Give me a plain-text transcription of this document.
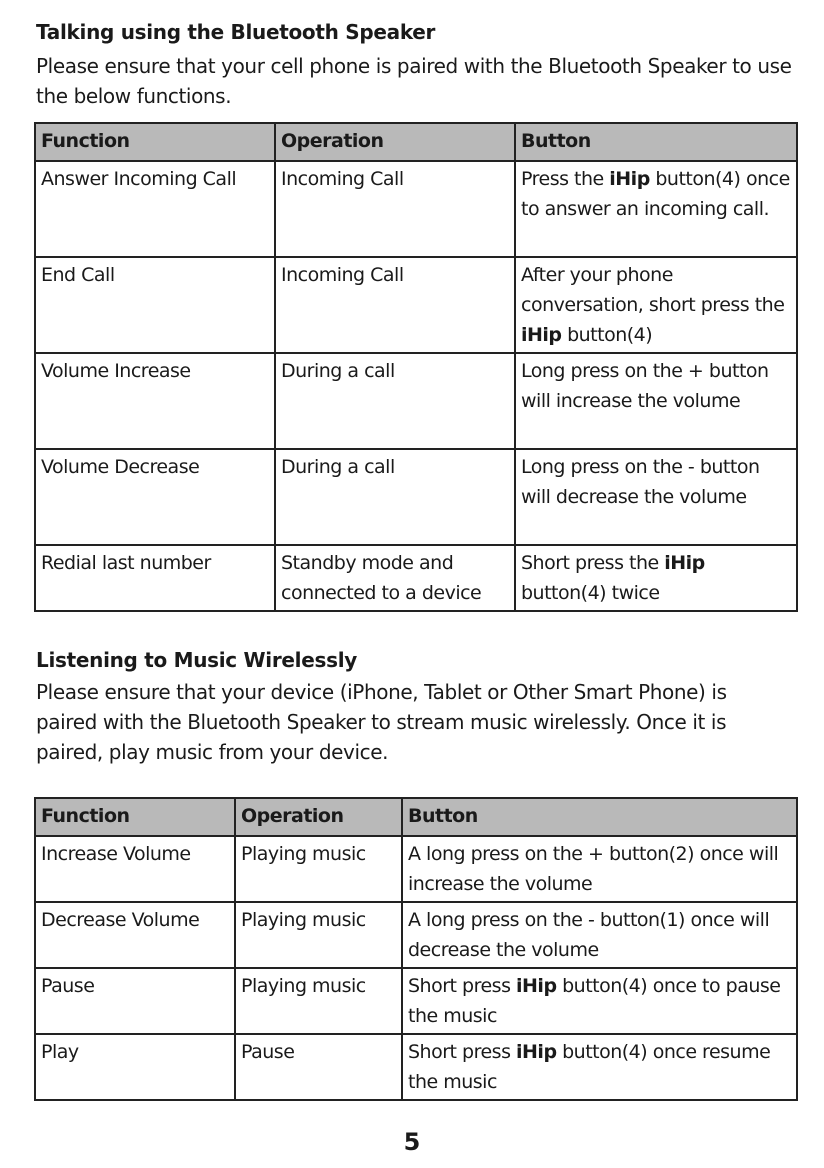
Talking using the Bluetooth Speaker
Please ensure that your cell phone is paired with the Bluetooth Speaker to use the below functions.
Function	Operation	Button
Answer Incoming Call	Incoming Call	Press the iHip button(4) once to answer an incoming call.
End Call	Incoming Call	After your phone conversation, short press the iHip button(4)
Volume Increase	During a call	Long press on the + button will increase the volume
Volume Decrease	During a call	Long press on the - button will decrease the volume
Redial last number	Standby mode and connected to a device	Short press the iHip button(4) twice
Listening to Music Wirelessly
Please ensure that your device (iPhone, Tablet or Other Smart Phone) is paired with the Bluetooth Speaker to stream music wirelessly. Once it is paired, play music from your device.
Function	Operation	Button
Increase Volume	Playing music	A long press on the + button(2) once will increase the volume
Decrease Volume	Playing music	A long press on the - button(1) once will decrease the volume
Pause	Playing music	Short press iHip button(4) once to pause the music
Play	Pause	Short press iHip button(4) once resume the music
5
